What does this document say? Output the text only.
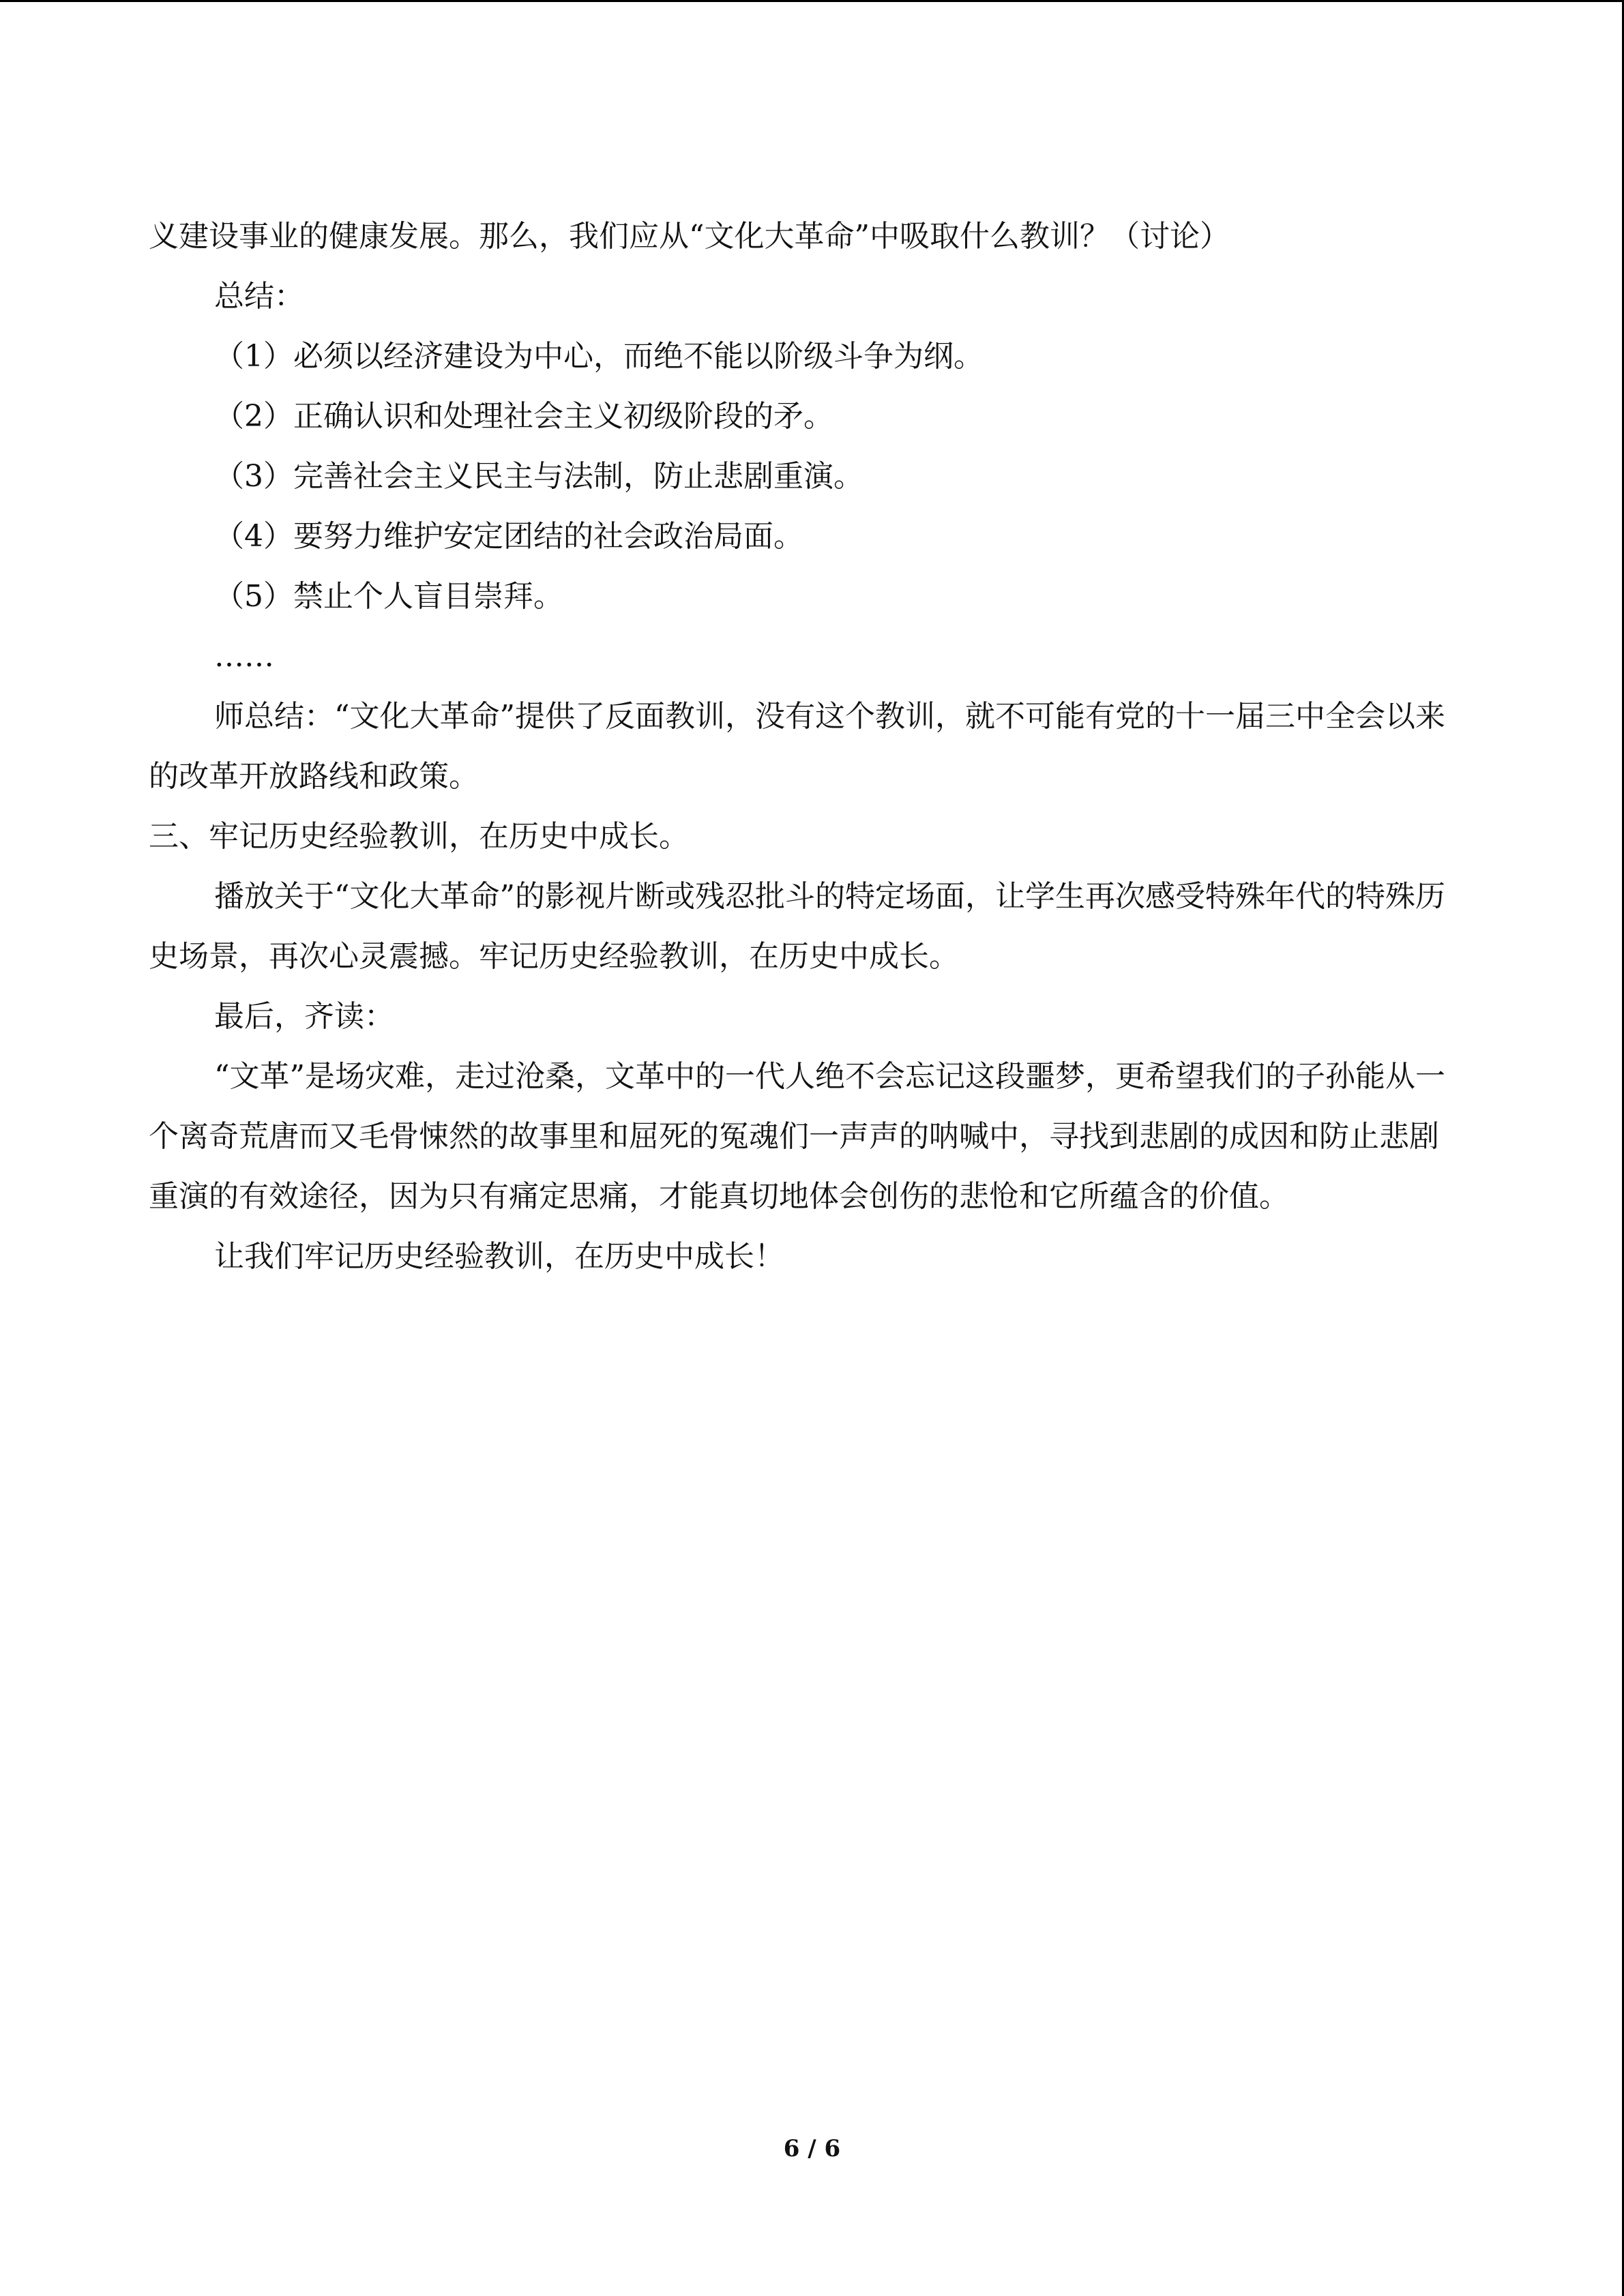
义建设事业的健康发展。那么，我们应从“文化大革命”中吸取什么教训？（讨论）

总结：

（1）必须以经济建设为中心，而绝不能以阶级斗争为纲。

（2）正确认识和处理社会主义初级阶段的矛。

（3）完善社会主义民主与法制，防止悲剧重演。

（4）要努力维护安定团结的社会政治局面。

（5）禁止个人盲目崇拜。

……

师总结：“文化大革命”提供了反面教训，没有这个教训，就不可能有党的十一届三中全会以来的改革开放路线和政策。

三、牢记历史经验教训，在历史中成长。

播放关于“文化大革命”的影视片断或残忍批斗的特定场面，让学生再次感受特殊年代的特殊历史场景，再次心灵震撼。牢记历史经验教训，在历史中成长。

最后，齐读：

“文革”是场灾难，走过沧桑，文革中的一代人绝不会忘记这段噩梦，更希望我们的子孙能从一个离奇荒唐而又毛骨悚然的故事里和屈死的冤魂们一声声的呐喊中，寻找到悲剧的成因和防止悲剧重演的有效途径，因为只有痛定思痛，才能真切地体会创伤的悲怆和它所蕴含的价值。

让我们牢记历史经验教训，在历史中成长！

6 / 6
